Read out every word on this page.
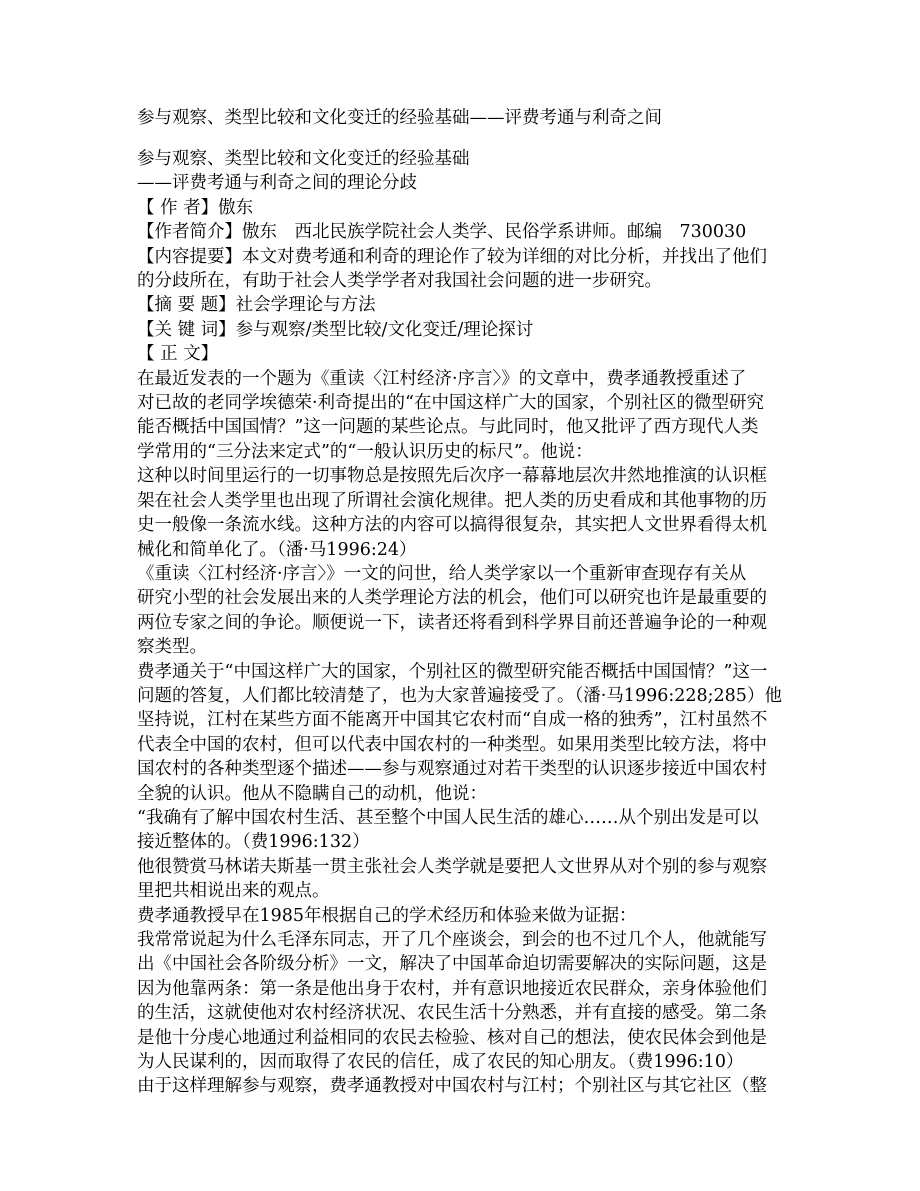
参与观察、类型比较和文化变迁的经验基础——评费考通与利奇之间
参与观察、类型比较和文化变迁的经验基础
——评费考通与利奇之间的理论分歧
【 作 者】傲东
【作者简介】傲东　西北民族学院社会人类学、民俗学系讲师。邮编　730030
【内容提要】本文对费考通和利奇的理论作了较为详细的对比分析，并找出了他们
的分歧所在，有助于社会人类学学者对我国社会问题的进一步研究。
【摘 要 题】社会学理论与方法
【关 键 词】参与观察/类型比较/文化变迁/理论探讨
【 正 文】
在最近发表的一个题为《重读〈江村经济·序言〉》的文章中，费孝通教授重述了
对已故的老同学埃德荣·利奇提出的“在中国这样广大的国家，个别社区的微型研究
能否概括中国国情？”这一问题的某些论点。与此同时，他又批评了西方现代人类
学常用的“三分法来定式”的“一般认识历史的标尺”。他说：
这种以时间里运行的一切事物总是按照先后次序一幕幕地层次井然地推演的认识框
架在社会人类学里也出现了所谓社会演化规律。把人类的历史看成和其他事物的历
史一般像一条流水线。这种方法的内容可以搞得很复杂，其实把人文世界看得太机
械化和简单化了。（潘·马1996:24）
《重读〈江村经济·序言〉》一文的问世，给人类学家以一个重新审查现存有关从
研究小型的社会发展出来的人类学理论方法的机会，他们可以研究也许是最重要的
两位专家之间的争论。顺便说一下，读者还将看到科学界目前还普遍争论的一种观
察类型。
费孝通关于“中国这样广大的国家，个别社区的微型研究能否概括中国国情？”这一
问题的答复，人们都比较清楚了，也为大家普遍接受了。（潘·马1996:228;285）他
坚持说，江村在某些方面不能离开中国其它农村而“自成一格的独秀”，江村虽然不
代表全中国的农村，但可以代表中国农村的一种类型。如果用类型比较方法，将中
国农村的各种类型逐个描述——参与观察通过对若干类型的认识逐步接近中国农村
全貌的认识。他从不隐瞒自己的动机，他说：
“我确有了解中国农村生活、甚至整个中国人民生活的雄心……从个别出发是可以
接近整体的。（费1996:132）
他很赞赏马林诺夫斯基一贯主张社会人类学就是要把人文世界从对个别的参与观察
里把共相说出来的观点。
费孝通教授早在1985年根据自己的学术经历和体验来做为证据：
我常常说起为什么毛泽东同志，开了几个座谈会，到会的也不过几个人，他就能写
出《中国社会各阶级分析》一文，解决了中国革命迫切需要解决的实际问题，这是
因为他靠两条：第一条是他出身于农村，并有意识地接近农民群众，亲身体验他们
的生活，这就使他对农村经济状况、农民生活十分熟悉，并有直接的感受。第二条
是他十分虔心地通过利益相同的农民去检验、核对自己的想法，使农民体会到他是
为人民谋利的，因而取得了农民的信任，成了农民的知心朋友。（费1996:10）
由于这样理解参与观察，费孝通教授对中国农村与江村；个别社区与其它社区（整
